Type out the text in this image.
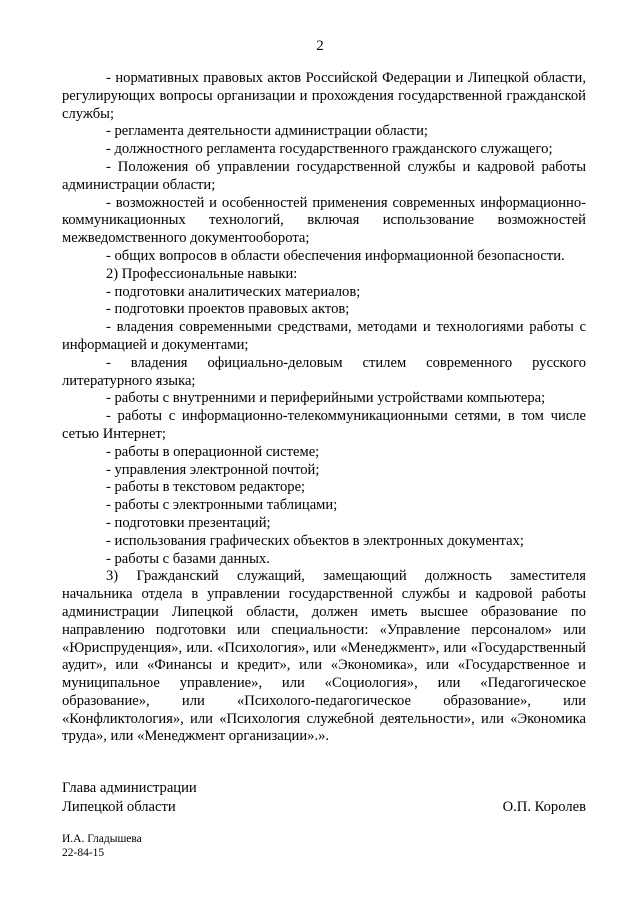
2

- нормативных правовых актов Российской Федерации и Липецкой области, регулирующих вопросы организации и прохождения государственной гражданской службы;

- регламента деятельности администрации области;

- должностного регламента государственного гражданского служащего;

- Положения об управлении государственной службы и кадровой работы администрации области;

- возможностей и особенностей применения современных информационно-коммуникационных технологий, включая использование возможностей межведомственного документооборота;

- общих вопросов в области обеспечения информационной безопасности.

2) Профессиональные навыки:

- подготовки аналитических материалов;

- подготовки проектов правовых актов;

- владения современными средствами, методами и технологиями работы с информацией и документами;

- владения официально-деловым стилем современного русского литературного языка;

- работы с внутренними и периферийными устройствами компьютера;

- работы с информационно-телекоммуникационными сетями, в том числе сетью Интернет;

- работы в операционной системе;

- управления электронной почтой;

- работы в текстовом редакторе;

- работы с электронными таблицами;

- подготовки презентаций;

- использования графических объектов в электронных документах;

- работы с базами данных.

3) Гражданский служащий, замещающий должность заместителя начальника отдела в управлении государственной службы и кадровой работы администрации Липецкой области, должен иметь высшее образование по направлению подготовки или специальности: «Управление персоналом» или «Юриспруденция», или. «Психология», или «Менеджмент», или «Государственный аудит», или «Финансы и кредит», или «Экономика», или «Государственное и муниципальное управление», или «Социология», или «Педагогическое образование», или «Психолого-педагогическое образование», или «Конфликтология», или «Психология служебной деятельности», или «Экономика труда», или «Менеджмент организации».».

Глава администрации
Липецкой области	О.П. Королев
И.А. Гладышева
22-84-15
